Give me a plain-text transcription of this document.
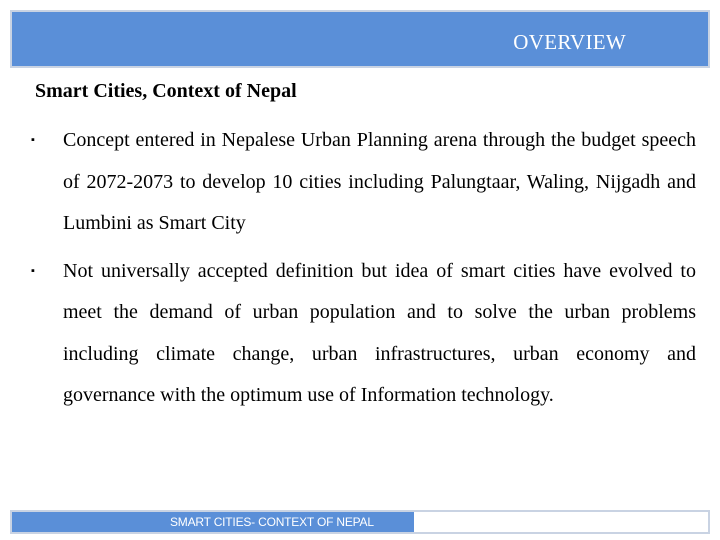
OVERVIEW
Smart Cities, Context of Nepal
▪ Concept entered in Nepalese Urban Planning arena through the budget speech of 2072-2073 to develop 10 cities including Palungtaar, Waling, Nijgadh and Lumbini as Smart City
▪ Not universally accepted definition but idea of smart cities have evolved to meet the demand of urban population and to solve the urban problems including climate change, urban infrastructures, urban economy and governance with the optimum use of Information technology.
SMART CITIES- CONTEXT OF NEPAL
